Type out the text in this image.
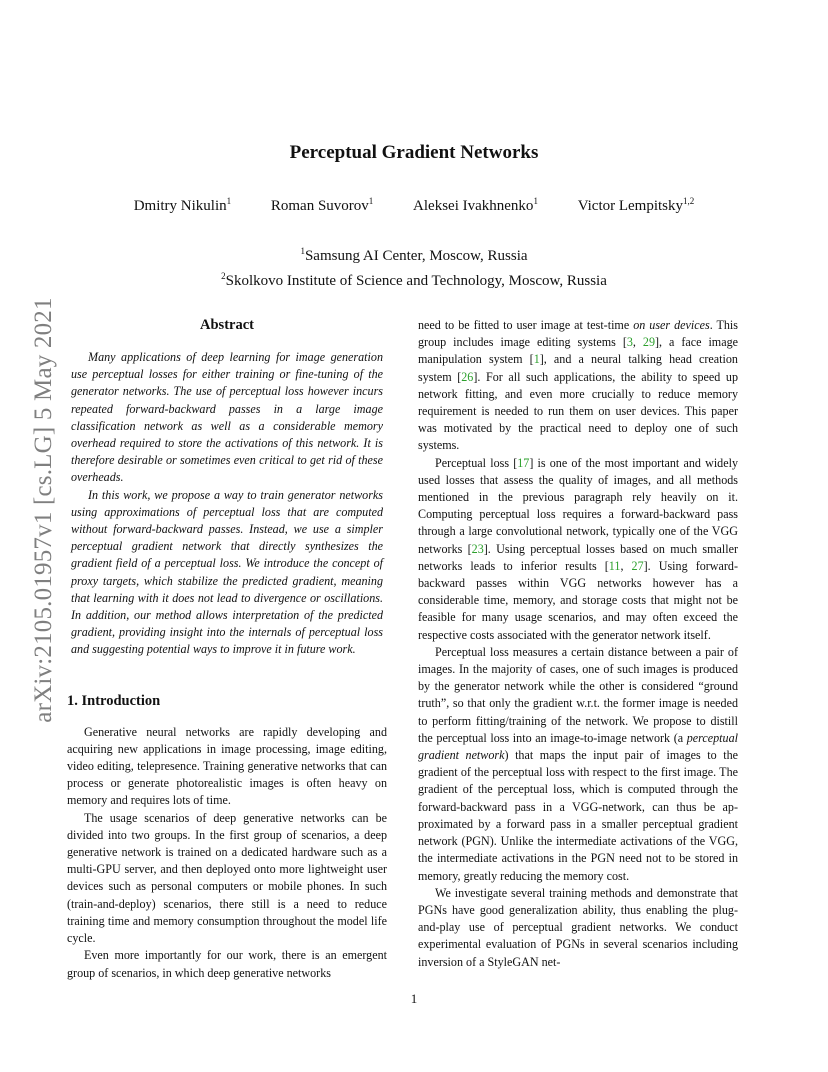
Perceptual Gradient Networks
Dmitry Nikulin$^1$	Roman Suvorov$^1$	Aleksei Ivakhnenko$^1$	Victor Lempitsky$^{1,2}$
$^1$Samsung AI Center, Moscow, Russia
$^2$Skolkovo Institute of Science and Technology, Moscow, Russia
arXiv:2105.01957v1 [cs.LG] 5 May 2021	Abstract

Many applications of deep learning for image generation use perceptual losses for either training or fine-tuning of the generator networks. The use of perceptual loss however incurs repeated forward-backward passes in a large image classification network as well as a considerable memory overhead required to store the activations of this network. It is therefore desirable or sometimes even critical to get rid of these overheads.

In this work, we propose a way to train generator networks using approximations of perceptual loss that are computed without forward-backward passes. Instead, we use a simpler perceptual gradient network that directly synthesizes the gradient field of a perceptual loss. We introduce the concept of proxy targets, which stabilize the predicted gradient, meaning that learning with it does not lead to divergence or oscillations. In addition, our method allows interpretation of the predicted gradient, providing insight into the internals of perceptual loss and suggesting potential ways to improve it in future work.

1. Introduction

Generative neural networks are rapidly developing and acquiring new applications in image processing, image editing, video editing, telepresence. Training generative networks that can process or generate photorealistic images is often heavy on memory and requires lots of time.

The usage scenarios of deep generative networks can be divided into two groups. In the first group of scenarios, a deep generative network is trained on a dedicated hardware such as a multi-GPU server, and then deployed onto more lightweight user devices such as personal computers or mobile phones. In such (train-and-deploy) scenarios, there still is a need to reduce training time and memory consumption throughout the model life cycle.

Even more importantly for our work, there is an emergent group of scenarios, in which deep generative networks

need to be fitted to user image at test-time on user devices. This group includes image editing systems [3, 29], a face image manipulation system [1], and a neural talking head creation system [26]. For all such applications, the ability to speed up network fitting, and even more crucially to reduce memory requirement is needed to run them on user devices. This paper was motivated by the practical need to deploy one of such systems.

Perceptual loss [17] is one of the most important and widely used losses that assess the quality of images, and all methods mentioned in the previous paragraph rely heavily on it. Computing perceptual loss requires a forward-backward pass through a large convolutional network, typically one of the VGG networks [23]. Using perceptual losses based on much smaller networks leads to inferior results [11, 27]. Using forward-backward passes within VGG networks however has a considerable time, memory, and storage costs that might not be feasible for many usage scenarios, and may often exceed the respective costs associated with the generator network itself.

Perceptual loss measures a certain distance between a pair of images. In the majority of cases, one of such images is produced by the generator network while the other is considered “ground truth”, so that only the gradient w.r.t. the former image is needed to perform fitting/training of the network. We propose to distill the perceptual loss into an image-to-image network (a perceptual gradient network) that maps the input pair of images to the gradient of the perceptual loss with respect to the first image. The gradient of the perceptual loss, which is computed through the forward-backward pass in a VGG-network, can thus be approximated by a forward pass in a smaller perceptual gradient network (PGN). Unlike the intermediate activations of the VGG, the intermediate activations in the PGN need not to be stored in memory, greatly reducing the memory cost.

We investigate several training methods and demonstrate that PGNs have good generalization ability, thus enabling the plug-and-play use of perceptual gradient networks. We conduct experimental evaluation of PGNs in several scenarios including inversion of a StyleGAN net-

1
